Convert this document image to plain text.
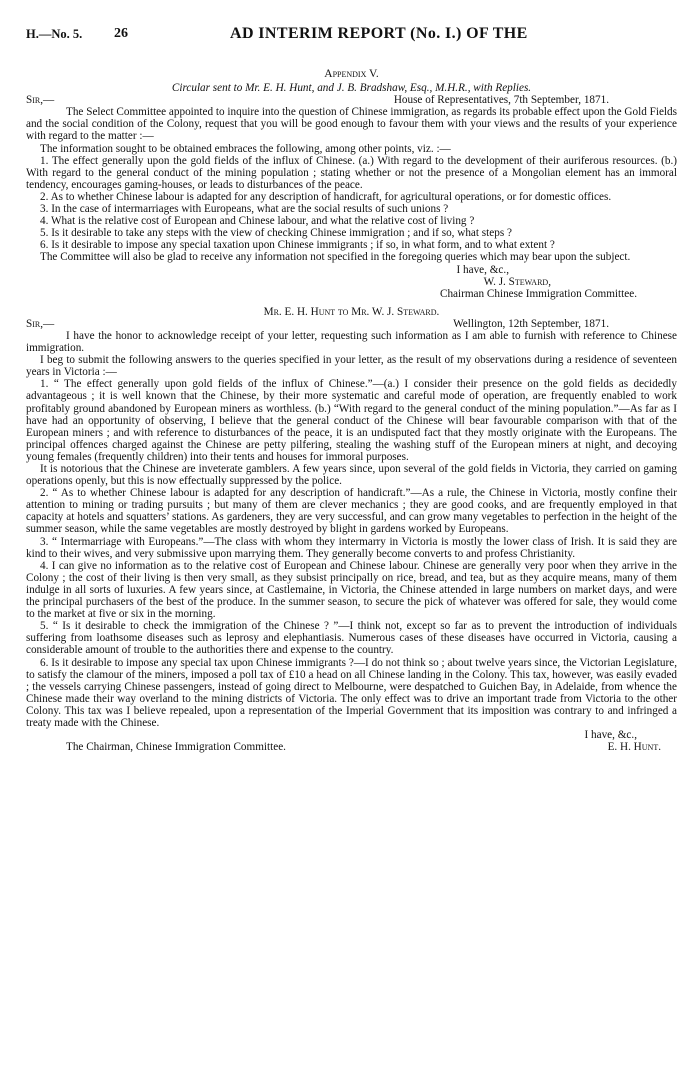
H.—No. 5. 26	AD INTERIM REPORT (No. I.) OF THE
Appendix V.
Circular sent to Mr. E. H. Hunt, and J. B. Bradshaw, Esq., M.H.R., with Replies.
Sir,—	House of Representatives, 7th September, 1871.

The Select Committee appointed to inquire into the question of Chinese immigration, as regards its probable effect upon the Gold Fields and the social condition of the Colony, request that you will be good enough to favour them with your views and the results of your experience with regard to the matter :—

The information sought to be obtained embraces the following, among other points, viz. :—

1. The effect generally upon the gold fields of the influx of Chinese. (a.) With regard to the development of their auriferous resources. (b.) With regard to the general conduct of the mining population ; stating whether or not the presence of a Mongolian element has an immoral tendency, encourages gaming-houses, or leads to disturbances of the peace.

2. As to whether Chinese labour is adapted for any description of handicraft, for agricultural operations, or for domestic offices.

3. In the case of intermarriages with Europeans, what are the social results of such unions ?

4. What is the relative cost of European and Chinese labour, and what the relative cost of living ?

5. Is it desirable to take any steps with the view of checking Chinese immigration ; and if so, what steps ?

6. Is it desirable to impose any special taxation upon Chinese immigrants ; if so, in what form, and to what extent ?

The Committee will also be glad to receive any information not specified in the foregoing queries which may bear upon the subject.

I have, &c.,
W. J. Steward,
Chairman Chinese Immigration Committee.
Mr. E. H. Hunt to Mr. W. J. Steward.
Sir,—	Wellington, 12th September, 1871.

I have the honor to acknowledge receipt of your letter, requesting such information as I am able to furnish with reference to Chinese immigration.

I beg to submit the following answers to the queries specified in your letter, as the result of my observations during a residence of seventeen years in Victoria :—

1. “ The effect generally upon gold fields of the influx of Chinese.”—(a.) I consider their presence on the gold fields as decidedly advantageous ; it is well known that the Chinese, by their more systematic and careful mode of operation, are frequently enabled to work profitably ground abandoned by European miners as worthless. (b.) “With regard to the general conduct of the mining population.”—As far as I have had an opportunity of observing, I believe that the general conduct of the Chinese will bear favourable comparison with that of the European miners ; and with reference to disturbances of the peace, it is an undisputed fact that they mostly originate with the Europeans. The principal offences charged against the Chinese are petty pilfering, stealing the washing stuff of the European miners at night, and decoying young females (frequently children) into their tents and houses for immoral purposes.

It is notorious that the Chinese are inveterate gamblers. A few years since, upon several of the gold fields in Victoria, they carried on gaming operations openly, but this is now effectually suppressed by the police.

2. “ As to whether Chinese labour is adapted for any description of handicraft.”—As a rule, the Chinese in Victoria, mostly confine their attention to mining or trading pursuits ; but many of them are clever mechanics ; they are good cooks, and are frequently employed in that capacity at hotels and squatters’ stations. As gardeners, they are very successful, and can grow many vegetables to perfection in the height of the summer season, while the same vegetables are mostly destroyed by blight in gardens worked by Europeans.

3. “ Intermarriage with Europeans.”—The class with whom they intermarry in Victoria is mostly the lower class of Irish. It is said they are kind to their wives, and very submissive upon marrying them. They generally become converts to and profess Christianity.

4. I can give no information as to the relative cost of European and Chinese labour. Chinese are generally very poor when they arrive in the Colony ; the cost of their living is then very small, as they subsist principally on rice, bread, and tea, but as they acquire means, many of them indulge in all sorts of luxuries. A few years since, at Castlemaine, in Victoria, the Chinese attended in large numbers on market days, and were the principal purchasers of the best of the produce. In the summer season, to secure the pick of whatever was offered for sale, they would come to the market at five or six in the morning.

5. “ Is it desirable to check the immigration of the Chinese ? ”—I think not, except so far as to prevent the introduction of individuals suffering from loathsome diseases such as leprosy and elephantiasis. Numerous cases of these diseases have occurred in Victoria, causing a considerable amount of trouble to the authorities there and expense to the country.

6. Is it desirable to impose any special tax upon Chinese immigrants ?—I do not think so ; about twelve years since, the Victorian Legislature, to satisfy the clamour of the miners, imposed a poll tax of £10 a head on all Chinese landing in the Colony. This tax, however, was easily evaded ; the vessels carrying Chinese passengers, instead of going direct to Melbourne, were despatched to Guichen Bay, in Adelaide, from whence the Chinese made their way overland to the mining districts of Victoria. The only effect was to drive an important trade from Victoria to the other Colony. This tax was I believe repealed, upon a representation of the Imperial Government that its imposition was contrary to and infringed a treaty made with the Chinese.

I have, &c.,
The Chairman, Chinese Immigration Committee.	E. H. Hunt.
